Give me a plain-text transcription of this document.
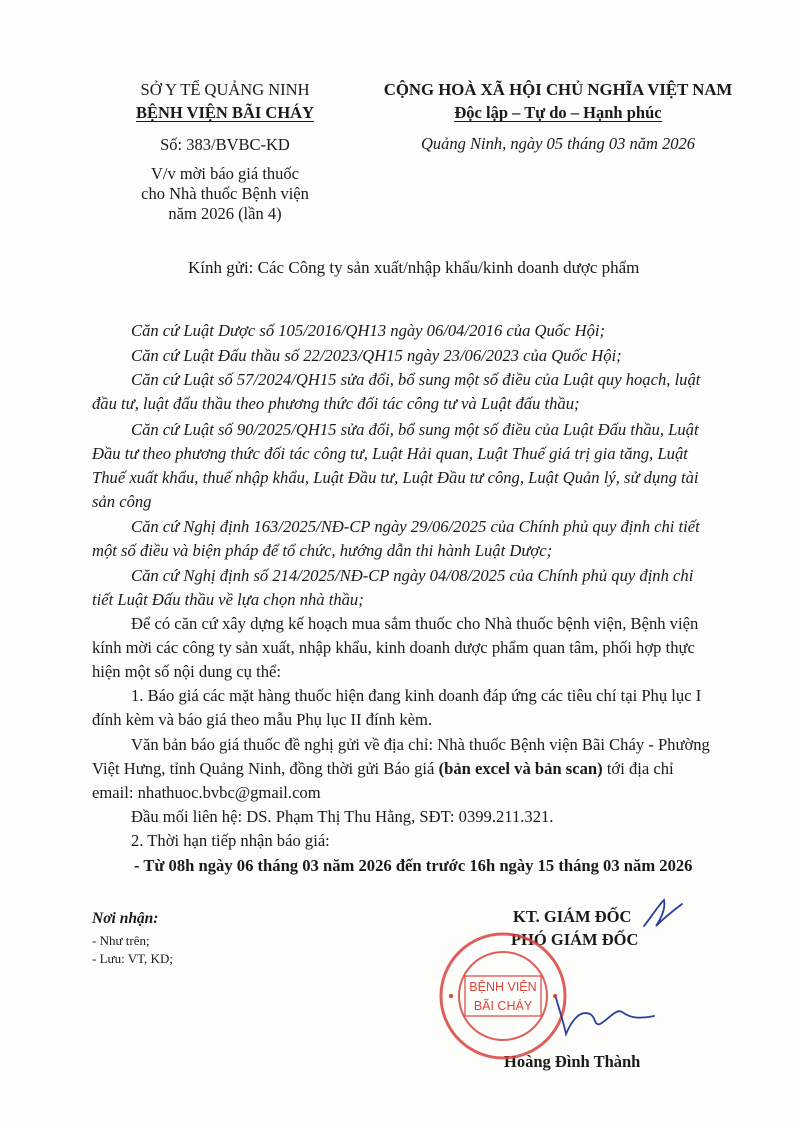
SỞ Y TẾ QUẢNG NINH
BỆNH VIỆN BÃI CHÁY
Số: 383/BVBC-KD
V/v mời báo giá thuốc
cho Nhà thuốc Bệnh viện
năm 2026 (lần 4)
CỘNG HOÀ XÃ HỘI CHỦ NGHĨA VIỆT NAM
Độc lập – Tự do – Hạnh phúc
Quảng Ninh, ngày 05 tháng 03 năm 2026
Kính gửi: Các Công ty sản xuất/nhập khẩu/kinh doanh dược phẩm
Căn cứ Luật Dược số 105/2016/QH13 ngày 06/04/2016 của Quốc Hội;
Căn cứ Luật Đấu thầu số 22/2023/QH15 ngày 23/06/2023 của Quốc Hội;
Căn cứ Luật số 57/2024/QH15 sửa đổi, bổ sung một số điều của Luật quy hoạch, luật
đầu tư, luật đấu thầu theo phương thức đối tác công tư và Luật đấu thầu;
Căn cứ Luật số 90/2025/QH15 sửa đổi, bổ sung một số điều của Luật Đấu thầu, Luật
Đầu tư theo phương thức đối tác công tư, Luật Hải quan, Luật Thuế giá trị gia tăng, Luật
Thuế xuất khẩu, thuế nhập khẩu, Luật Đầu tư, Luật Đầu tư công, Luật Quản lý, sử dụng tài
sản công
Căn cứ Nghị định 163/2025/NĐ-CP ngày 29/06/2025 của Chính phủ quy định chi tiết
một số điều và biện pháp để tổ chức, hướng dẫn thi hành Luật Dược;
Căn cứ Nghị định số 214/2025/NĐ-CP ngày 04/08/2025 của Chính phủ quy định chi
tiết Luật Đấu thầu về lựa chọn nhà thầu;
Để có căn cứ xây dựng kế hoạch mua sắm thuốc cho Nhà thuốc bệnh viện, Bệnh viện
kính mời các công ty sản xuất, nhập khẩu, kinh doanh dược phẩm quan tâm, phối hợp thực
hiện một số nội dung cụ thể:
1. Báo giá các mặt hàng thuốc hiện đang kinh doanh đáp ứng các tiêu chí tại Phụ lục I
đính kèm và báo giá theo mẫu Phụ lục II đính kèm.
Văn bản báo giá thuốc đề nghị gửi về địa chỉ: Nhà thuốc Bệnh viện Bãi Cháy - Phường
Việt Hưng, tỉnh Quảng Ninh, đồng thời gửi Báo giá (bản excel và bản scan) tới địa chỉ
email: nhathuoc.bvbc@gmail.com
Đầu mối liên hệ: DS. Phạm Thị Thu Hằng, SĐT: 0399.211.321.
2. Thời hạn tiếp nhận báo giá:
- Từ 08h ngày 06 tháng 03 năm 2026 đến trước 16h ngày 15 tháng 03 năm 2026
Nơi nhận:
- Như trên;
- Lưu: VT, KD;
KT. GIÁM ĐỐC
PHÓ GIÁM ĐỐC
Hoàng Đình Thành
BỆNH VIỆN
BÃI CHÁY
